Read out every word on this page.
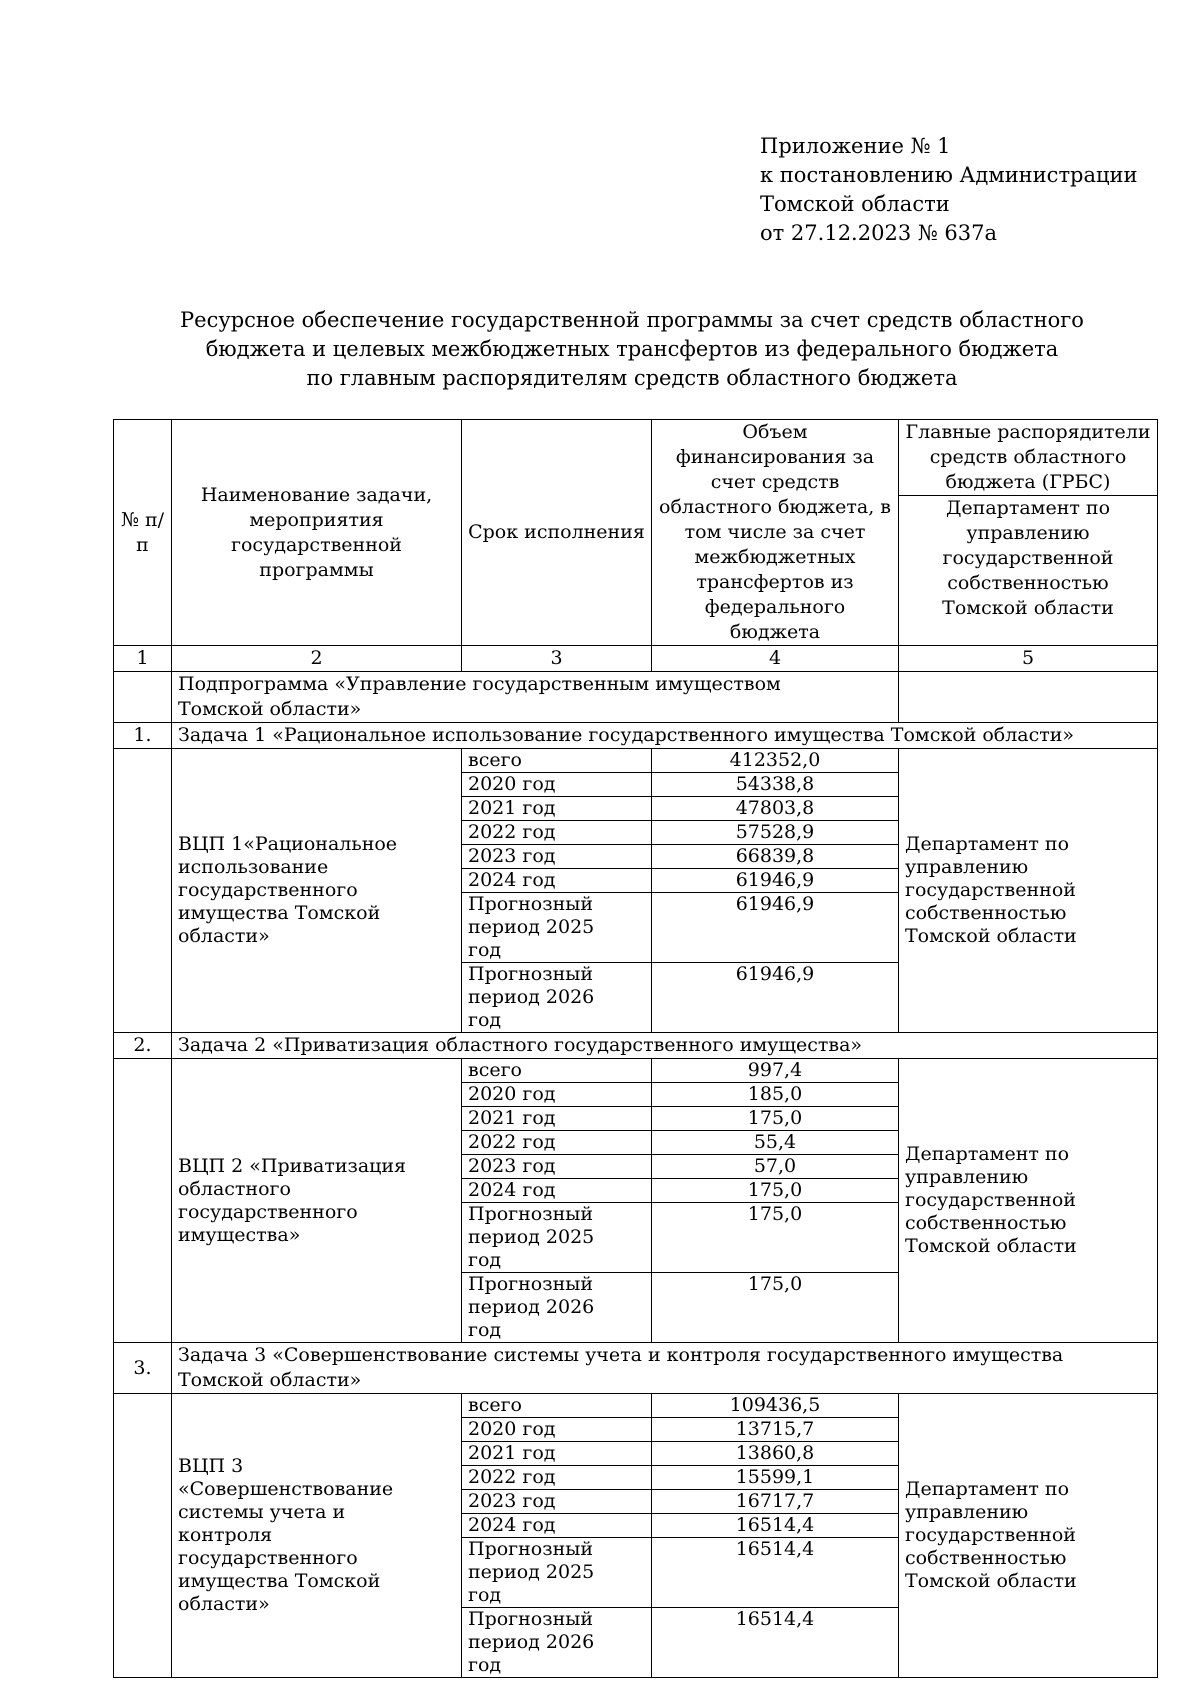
Приложение № 1
к постановлению Администрации
Томской области
от 27.12.2023 № 637а
Ресурсное обеспечение государственной программы за счет средств областного
бюджета и целевых межбюджетных трансфертов из федерального бюджета
по главным распорядителям средств областного бюджета
№ п/п	Наименование задачи, мероприятия государственной программы	Срок исполнения	Объем финансирования за счет средств областного бюджета, в том числе за счет межбюджетных трансфертов из федерального бюджета	Главные распорядители средств областного бюджета (ГРБС)
				Департамент по управлению государственной собственностью Томской области
1	2	3	4	5
	Подпрограмма «Управление государственным имуществом Томской области»			
1.	Задача 1 «Рациональное использование государственного имущества Томской области»			
	ВЦП 1«Рациональное использование государственного имущества Томской области»	всего	412352,0	Департамент по управлению государственной собственностью Томской области
		2020 год	54338,8	
		2021 год	47803,8	
		2022 год	57528,9	
		2023 год	66839,8	
		2024 год	61946,9	
		Прогнозный период 2025 год	61946,9	
		Прогнозный период 2026 год	61946,9	
2.	Задача 2 «Приватизация областного государственного имущества»			
	ВЦП 2 «Приватизация областного государственного имущества»	всего	997,4	Департамент по управлению государственной собственностью Томской области
		2020 год	185,0	
		2021 год	175,0	
		2022 год	55,4	
		2023 год	57,0	
		2024 год	175,0	
		Прогнозный период 2025 год	175,0	
		Прогнозный период 2026 год	175,0	
3.	Задача 3 «Совершенствование системы учета и контроля государственного имущества Томской области»			
	ВЦП 3 «Совершенствование системы учета и контроля государственного имущества Томской области»	всего	109436,5	Департамент по управлению государственной собственностью Томской области
		2020 год	13715,7	
		2021 год	13860,8	
		2022 год	15599,1	
		2023 год	16717,7	
		2024 год	16514,4	
		Прогнозный период 2025 год	16514,4	
		Прогнозный период 2026 год	16514,4	
